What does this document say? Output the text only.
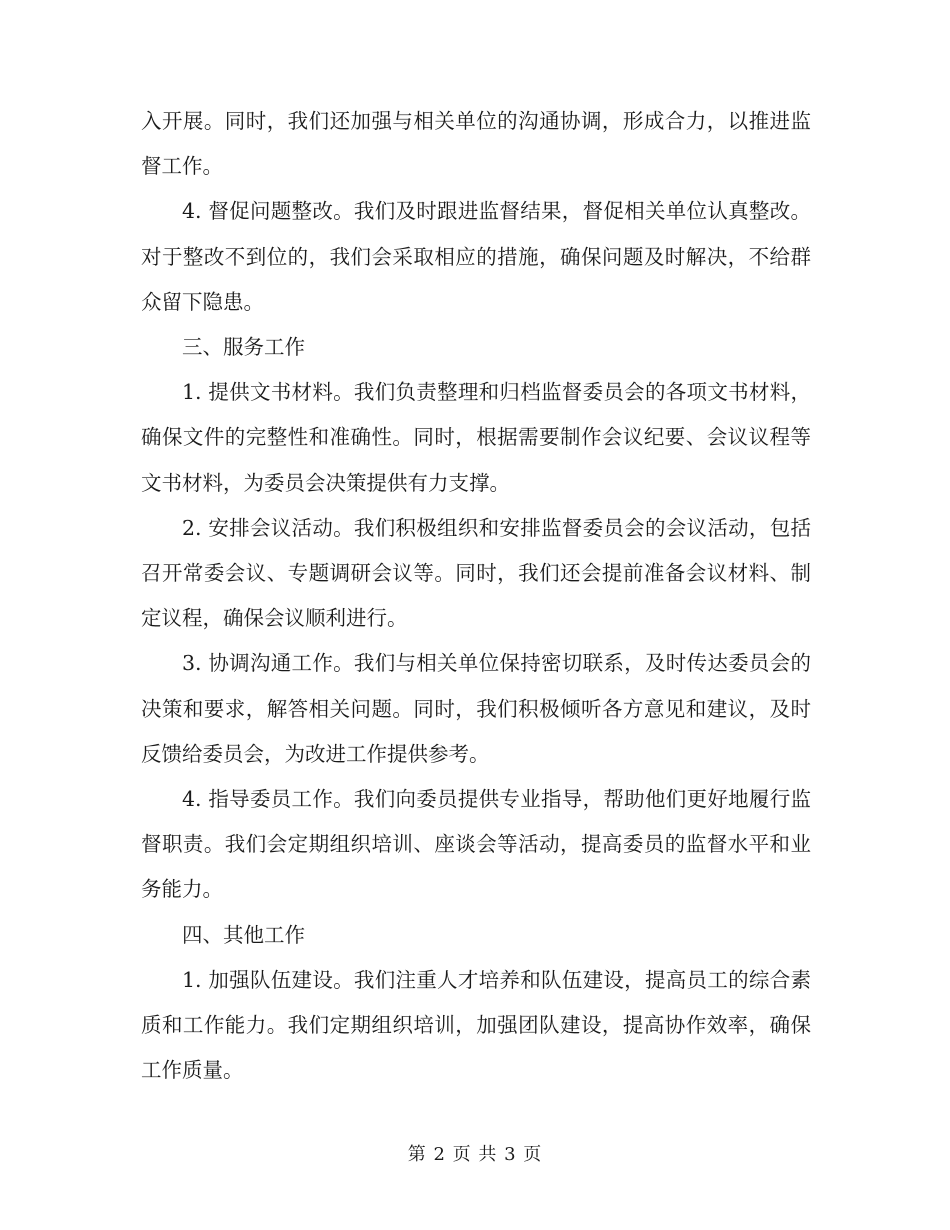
入开展。同时，我们还加强与相关单位的沟通协调，形成合力，以推进监督工作。

4. 督促问题整改。我们及时跟进监督结果，督促相关单位认真整改。对于整改不到位的，我们会采取相应的措施，确保问题及时解决，不给群众留下隐患。

三、服务工作

1. 提供文书材料。我们负责整理和归档监督委员会的各项文书材料，确保文件的完整性和准确性。同时，根据需要制作会议纪要、会议议程等文书材料，为委员会决策提供有力支撑。

2. 安排会议活动。我们积极组织和安排监督委员会的会议活动，包括召开常委会议、专题调研会议等。同时，我们还会提前准备会议材料、制定议程，确保会议顺利进行。

3. 协调沟通工作。我们与相关单位保持密切联系，及时传达委员会的决策和要求，解答相关问题。同时，我们积极倾听各方意见和建议，及时反馈给委员会，为改进工作提供参考。

4. 指导委员工作。我们向委员提供专业指导，帮助他们更好地履行监督职责。我们会定期组织培训、座谈会等活动，提高委员的监督水平和业务能力。

四、其他工作

1. 加强队伍建设。我们注重人才培养和队伍建设，提高员工的综合素质和工作能力。我们定期组织培训，加强团队建设，提高协作效率，确保工作质量。

第 2 页 共 3 页
